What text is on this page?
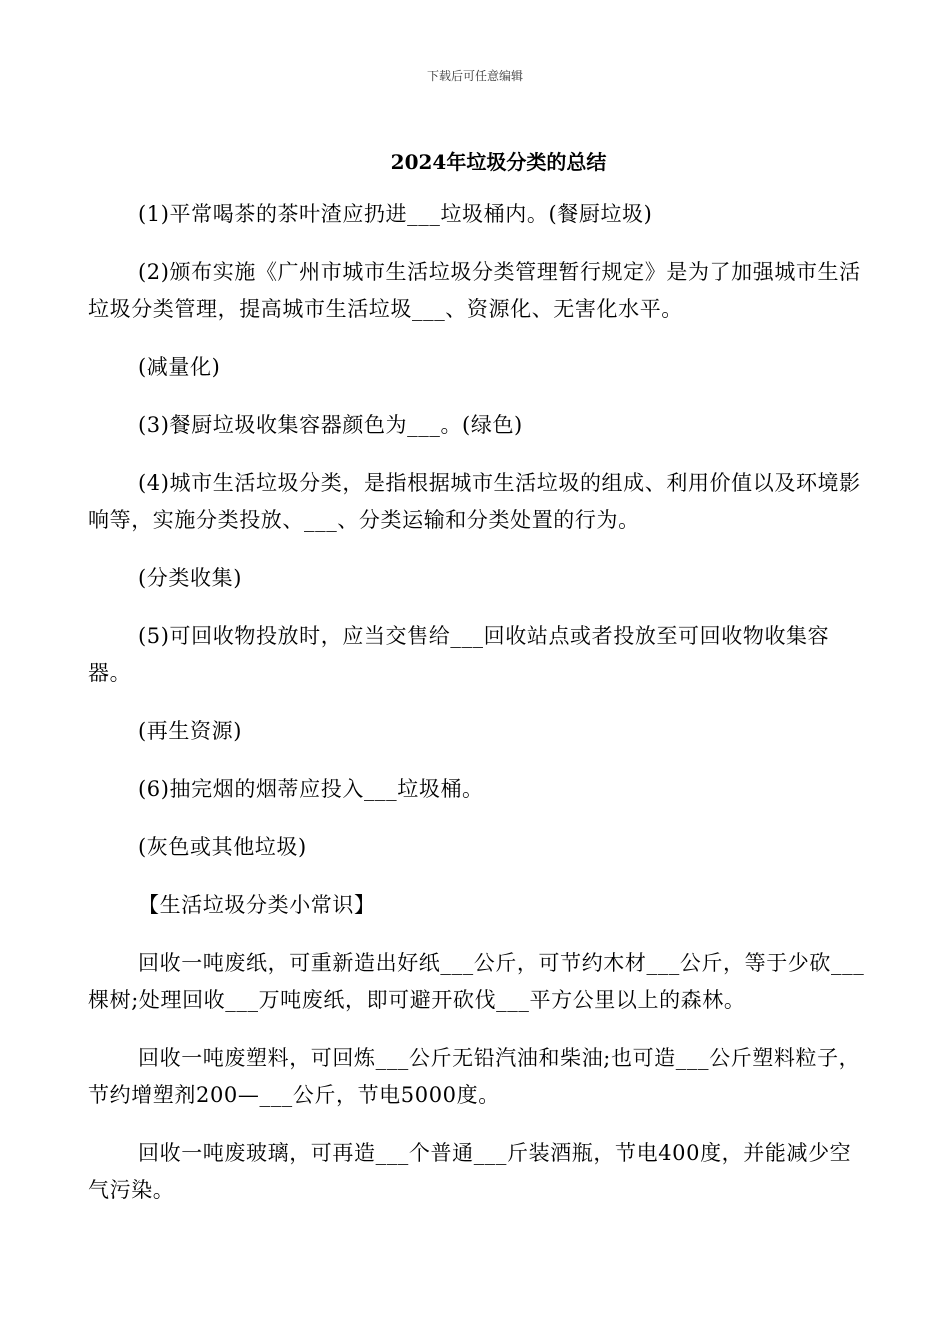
下载后可任意编辑
2024年垃圾分类的总结

(1)平常喝茶的茶叶渣应扔进___垃圾桶内。(餐厨垃圾)

(2)颁布实施《广州市城市生活垃圾分类管理暂行规定》是为了加强城市生活垃圾分类管理，提高城市生活垃圾___、资源化、无害化水平。

(减量化)

(3)餐厨垃圾收集容器颜色为___。(绿色)

(4)城市生活垃圾分类，是指根据城市生活垃圾的组成、利用价值以及环境影响等，实施分类投放、___、分类运输和分类处置的行为。

(分类收集)

(5)可回收物投放时，应当交售给___回收站点或者投放至可回收物收集容器。

(再生资源)

(6)抽完烟的烟蒂应投入___垃圾桶。

(灰色或其他垃圾)

【生活垃圾分类小常识】

回收一吨废纸，可重新造出好纸___公斤，可节约木材___公斤，等于少砍___棵树;处理回收___万吨废纸，即可避开砍伐___平方公里以上的森林。

回收一吨废塑料，可回炼___公斤无铅汽油和柴油;也可造___公斤塑料粒子，节约增塑剂200—___公斤，节电5000度。

回收一吨废玻璃，可再造___个普通___斤装酒瓶，节电400度，并能减少空气污染。
